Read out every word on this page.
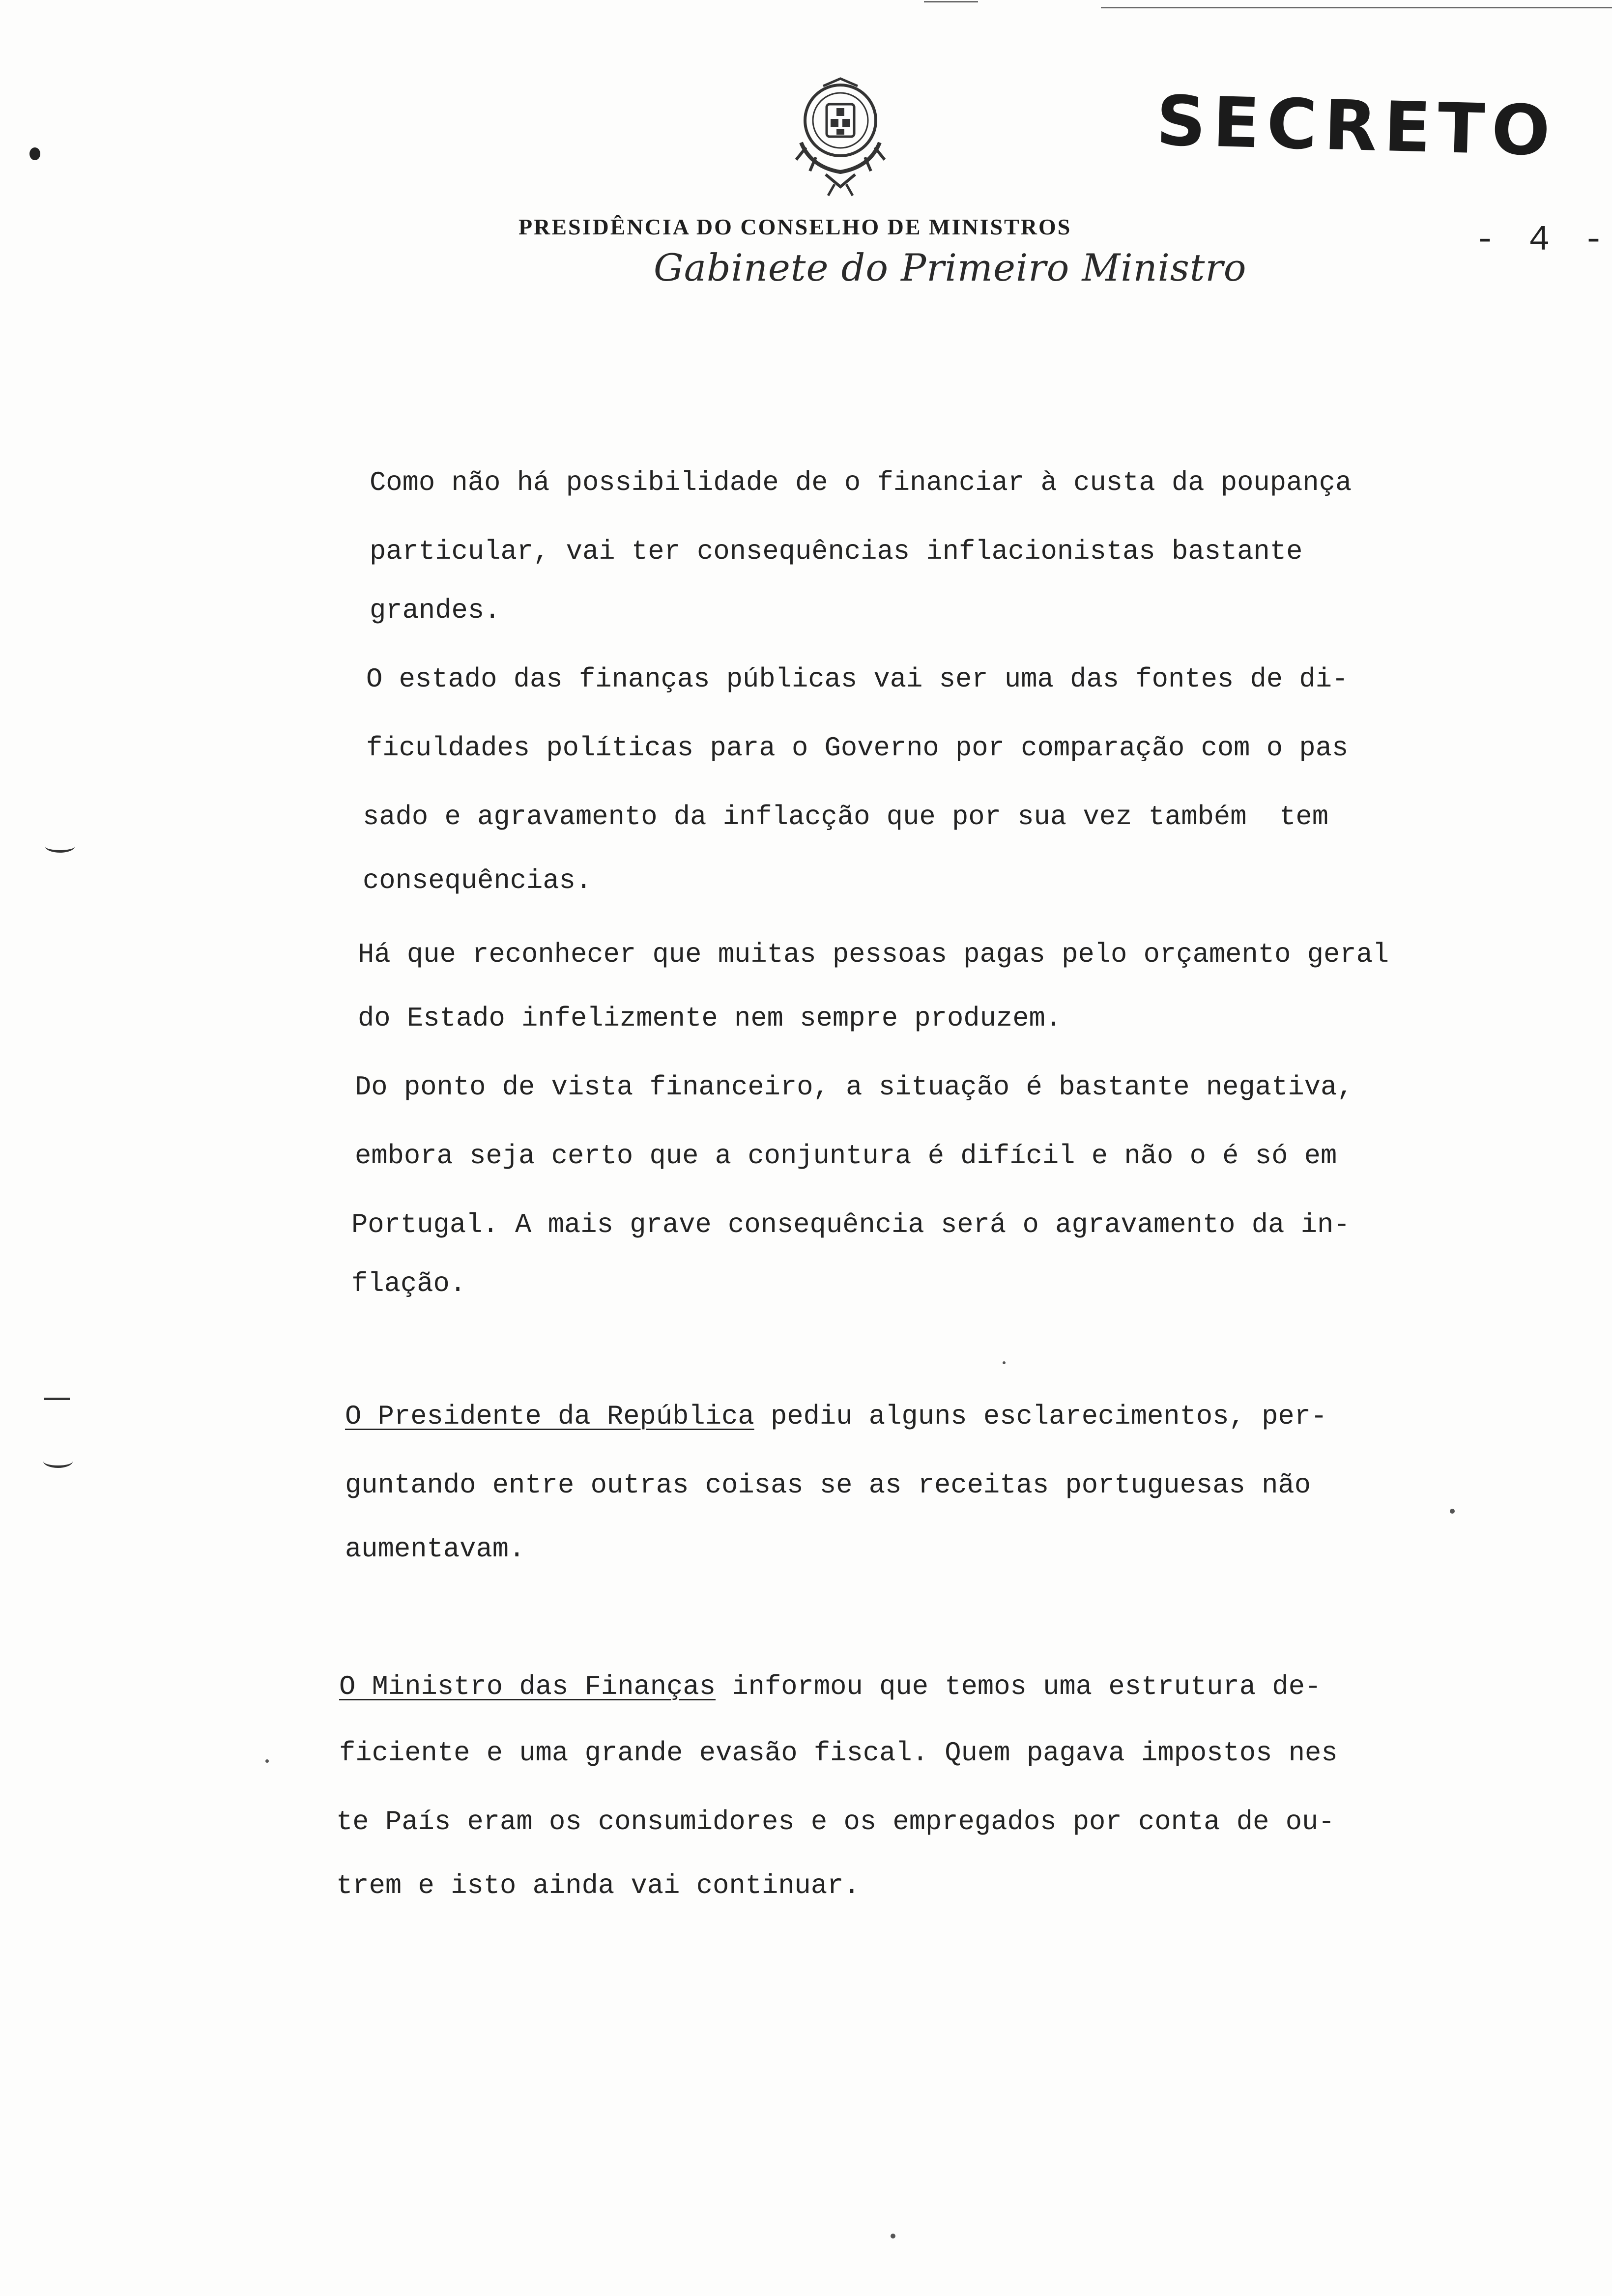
SECRETO
- 4 -
PRESIDÊNCIA DO CONSELHO DE MINISTROS
Gabinete do Primeiro Ministro
Como não há possibilidade de o financiar à custa da poupança
particular, vai ter consequências inflacionistas bastante
grandes.
O estado das finanças públicas vai ser uma das fontes de di-
ficuldades políticas para o Governo por comparação com o pas
sado e agravamento da inflacção que por sua vez também  tem
consequências.
Há que reconhecer que muitas pessoas pagas pelo orçamento geral
do Estado infelizmente nem sempre produzem.
Do ponto de vista financeiro, a situação é bastante negativa,
embora seja certo que a conjuntura é difícil e não o é só em
Portugal. A mais grave consequência será o agravamento da in-
flação.
O Presidente da República pediu alguns esclarecimentos, per-
guntando entre outras coisas se as receitas portuguesas não
aumentavam.
O Ministro das Finanças informou que temos uma estrutura de-
ficiente e uma grande evasão fiscal. Quem pagava impostos nes
te País eram os consumidores e os empregados por conta de ou-
trem e isto ainda vai continuar.
